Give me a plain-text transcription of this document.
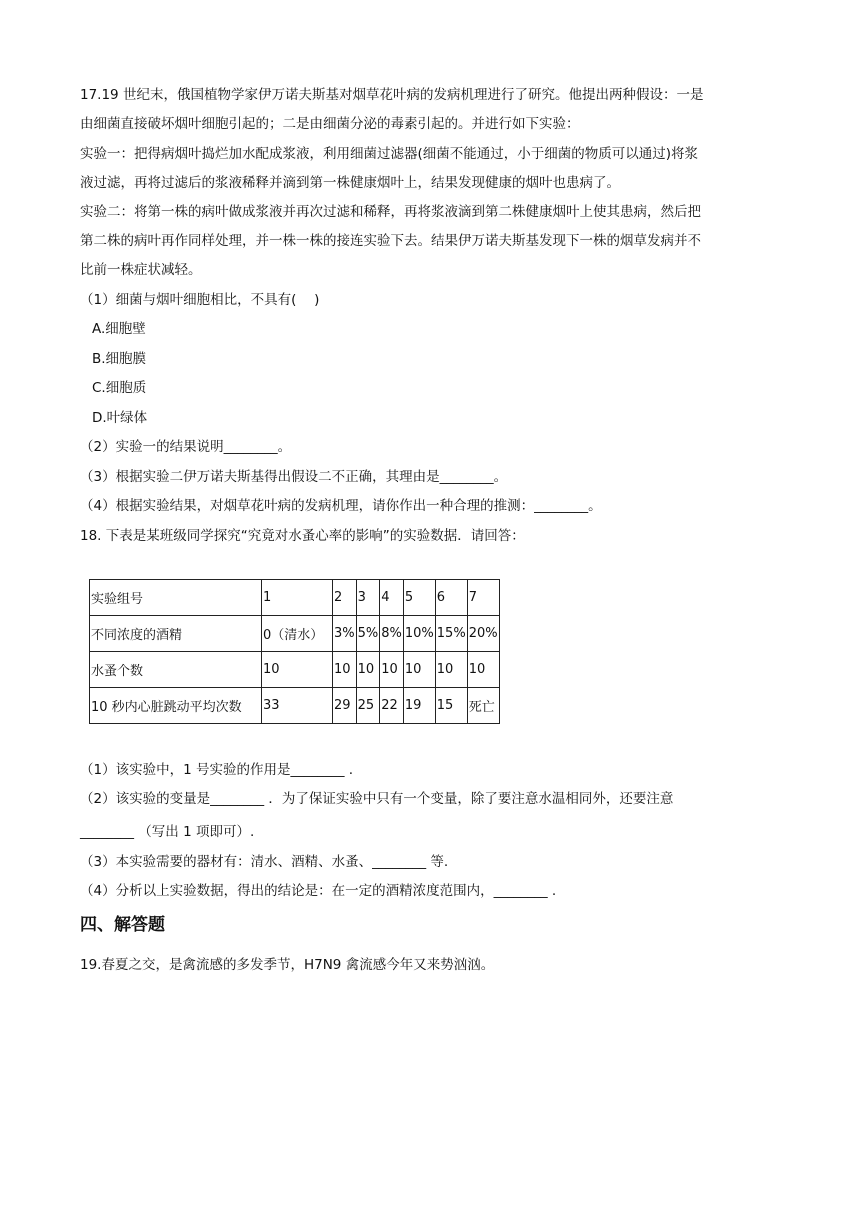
17.19 世纪末，俄国植物学家伊万诺夫斯基对烟草花叶病的发病机理进行了研究。他提出两种假设：一是

由细菌直接破坏烟叶细胞引起的；二是由细菌分泌的毒素引起的。并进行如下实验：

实验一：把得病烟叶捣烂加水配成浆液，利用细菌过滤器(细菌不能通过，小于细菌的物质可以通过)将浆

液过滤，再将过滤后的浆液稀释并滴到第一株健康烟叶上，结果发现健康的烟叶也患病了。

实验二：将第一株的病叶做成浆液并再次过滤和稀释，再将浆液滴到第二株健康烟叶上使其患病，然后把

第二株的病叶再作同样处理，并一株一株的接连实验下去。结果伊万诺夫斯基发现下一株的烟草发病并不

比前一株症状减轻。

（1）细菌与烟叶细胞相比，不具有(　 )

A.细胞壁

B.细胞膜

C.细胞质

D.叶绿体

（2）实验一的结果说明________。

（3）根据实验二伊万诺夫斯基得出假设二不正确，其理由是________。

（4）根据实验结果，对烟草花叶病的发病机理，请你作出一种合理的推测：________。

18. 下表是某班级同学探究“究竟对水蚤心率的影响”的实验数据．请回答：

实验组号	1	2	3	4	5	6	7
不同浓度的酒精	0（清水）	3%	5%	8%	10%	15%	20%
水蚤个数	10	10	10	10	10	10	10
10 秒内心脏跳动平均次数	33	29	25	22	19	15	死亡

（1）该实验中，1 号实验的作用是________ .

（2）该实验的变量是________ ．为了保证实验中只有一个变量，除了要注意水温相同外，还要注意

________ （写出 1 项即可）.

（3）本实验需要的器材有：清水、酒精、水蚤、________ 等.

（4）分析以上实验数据，得出的结论是：在一定的酒精浓度范围内，________ .

四、解答题

19.春夏之交，是禽流感的多发季节，H7N9 禽流感今年又来势汹汹。
